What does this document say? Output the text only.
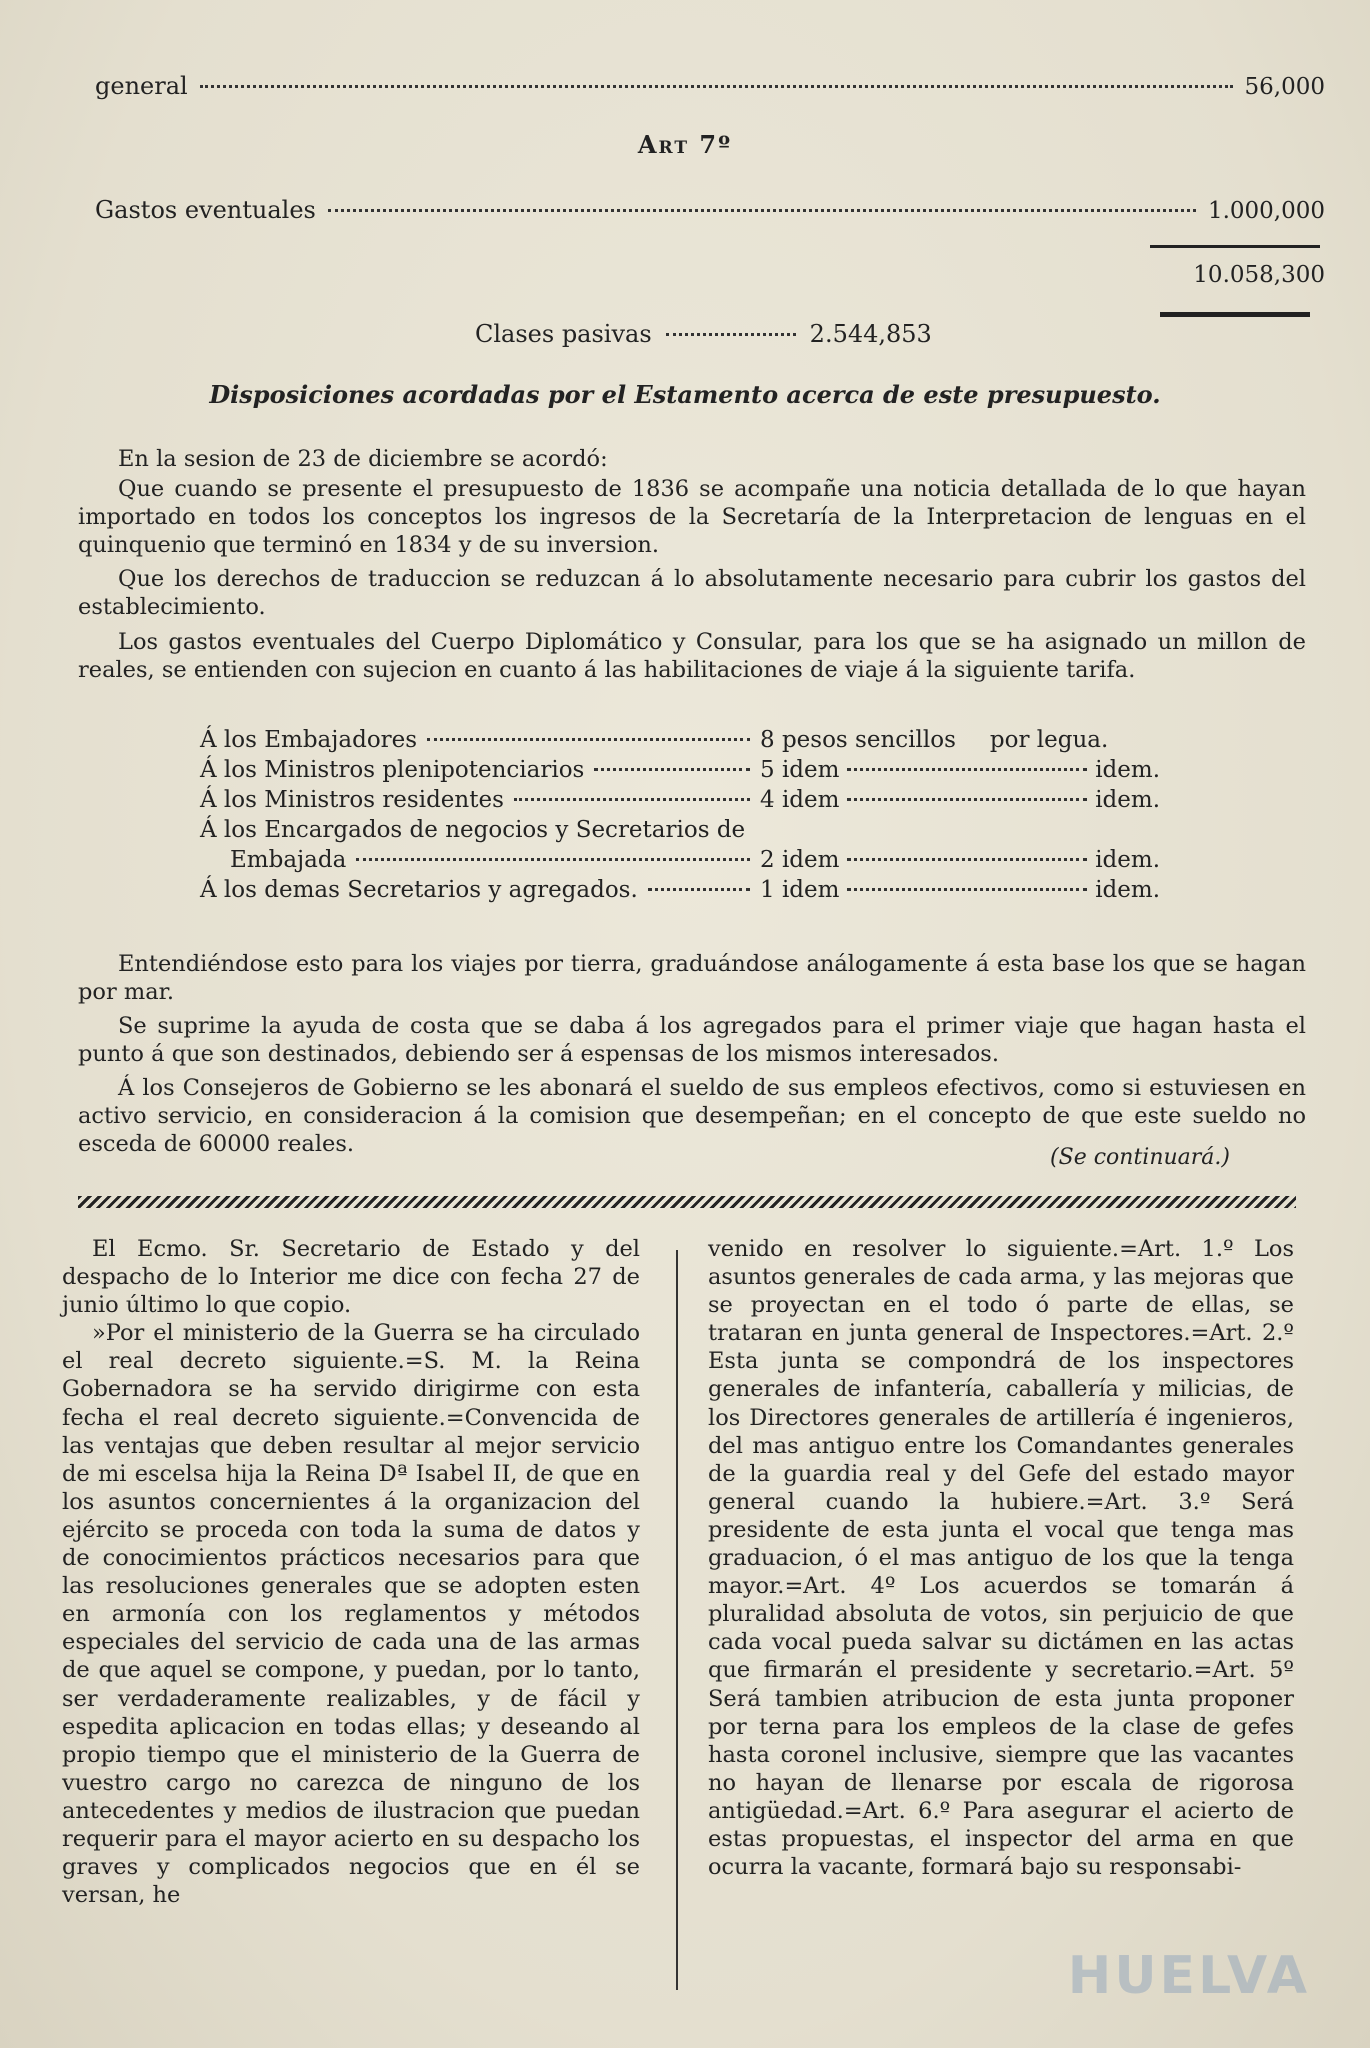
general	56,000
Art 7º
Gastos eventuales	1.000,000
10.058,300
Clases pasivas	2.544,853
Disposiciones acordadas por el Estamento acerca de este presupuesto.
En la sesion de 23 de diciembre se acordó:
Que cuando se presente el presupuesto de 1836 se acompañe una noticia detallada de lo que hayan importado en todos los conceptos los ingresos de la Secretaría de la Interpretacion de lenguas en el quinquenio que terminó en 1834 y de su inversion.
Que los derechos de traduccion se reduzcan á lo absolutamente necesario para cubrir los gastos del establecimiento.
Los gastos eventuales del Cuerpo Diplomático y Consular, para los que se ha asignado un millon de reales, se entienden con sujecion en cuanto á las habilitaciones de viaje á la siguiente tarifa.
Á los Embajadores	8 pesos sencillos por legua.
Á los Ministros plenipotenciarios	5 idem	idem.
Á los Ministros residentes	4 idem	idem.
Á los Encargados de negocios y Secretarios de
Embajada	2 idem	idem.
Á los demas Secretarios y agregados.	1 idem	idem.
Entendiéndose esto para los viajes por tierra, graduándose análogamente á esta base los que se hagan por mar.
Se suprime la ayuda de costa que se daba á los agregados para el primer viaje que hagan hasta el punto á que son destinados, debiendo ser á espensas de los mismos interesados.
Á los Consejeros de Gobierno se les abonará el sueldo de sus empleos efectivos, como si estuviesen en activo servicio, en consideracion á la comision que desempeñan; en el concepto de que este sueldo no esceda de 60000 reales.
(Se continuará.)

El Ecmo. Sr. Secretario de Estado y del despacho de lo Interior me dice con fecha 27 de junio último lo que copio.

»Por el ministerio de la Guerra se ha circulado el real decreto siguiente.=S. M. la Reina Gobernadora se ha servido dirigirme con esta fecha el real decreto siguiente.=Convencida de las ventajas que deben resultar al mejor servicio de mi escelsa hija la Reina Dª Isabel II, de que en los asuntos concernientes á la organizacion del ejército se proceda con toda la suma de datos y de conocimientos prácticos necesarios para que las resoluciones generales que se adopten esten en armonía con los reglamentos y métodos especiales del servicio de cada una de las armas de que aquel se compone, y puedan, por lo tanto, ser verdaderamente realizables, y de fácil y espedita aplicacion en todas ellas; y deseando al propio tiempo que el ministerio de la Guerra de vuestro cargo no carezca de ninguno de los antecedentes y medios de ilustracion que puedan requerir para el mayor acierto en su despacho los graves y complicados negocios que en él se versan, he

venido en resolver lo siguiente.=Art. 1.º Los asuntos generales de cada arma, y las mejoras que se proyectan en el todo ó parte de ellas, se trataran en junta general de Inspectores.=Art. 2.º Esta junta se compondrá de los inspectores generales de infantería, caballería y milicias, de los Directores generales de artillería é ingenieros, del mas antiguo entre los Comandantes generales de la guardia real y del Gefe del estado mayor general cuando la hubiere.=Art. 3.º Será presidente de esta junta el vocal que tenga mas graduacion, ó el mas antiguo de los que la tenga mayor.=Art. 4º Los acuerdos se tomarán á pluralidad absoluta de votos, sin perjuicio de que cada vocal pueda salvar su dictámen en las actas que firmarán el presidente y secretario.=Art. 5º Será tambien atribucion de esta junta proponer por terna para los empleos de la clase de gefes hasta coronel inclusive, siempre que las vacantes no hayan de llenarse por escala de rigorosa antigüedad.=Art. 6.º Para asegurar el acierto de estas propuestas, el inspector del arma en que ocurra la vacante, formará bajo su responsabi-

HUELVA
